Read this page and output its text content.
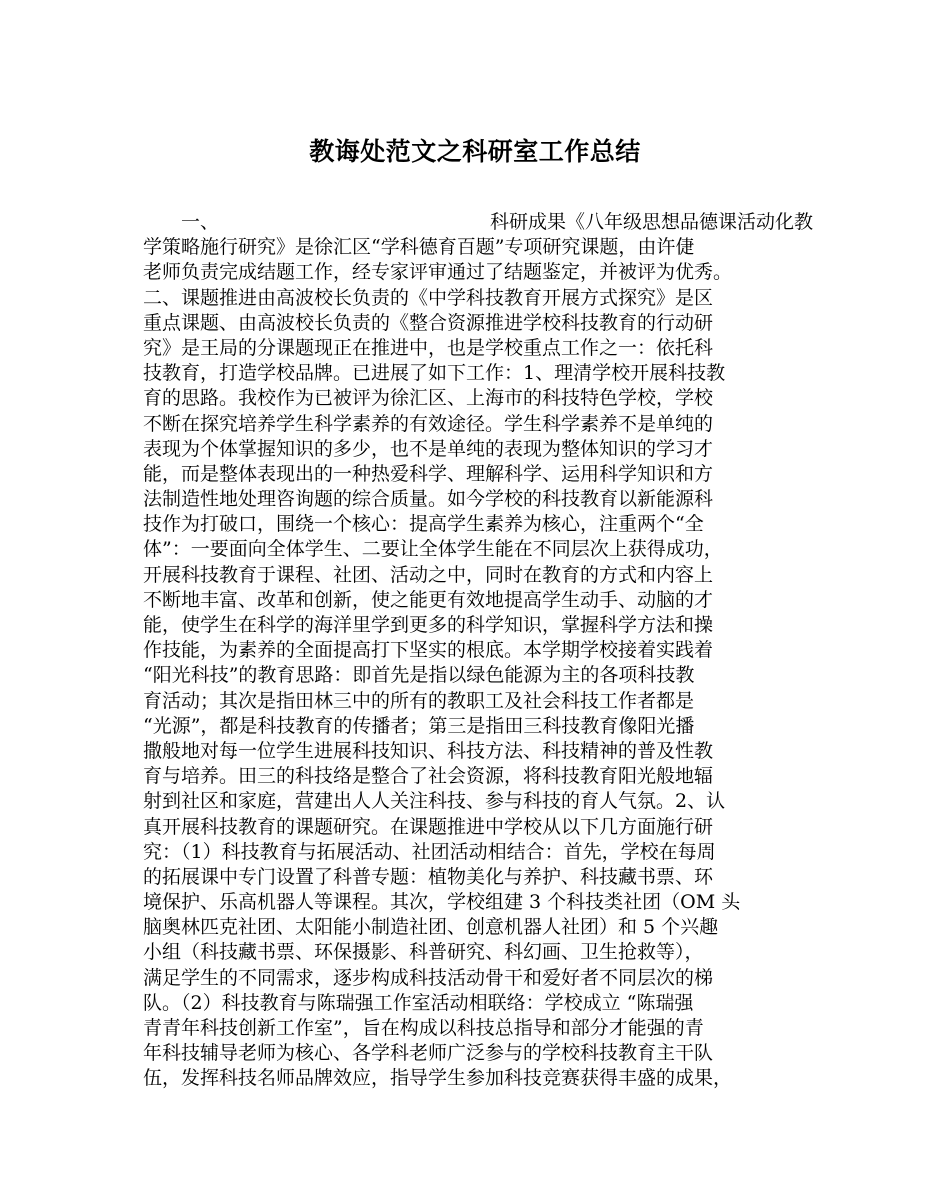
教诲处范文之科研室工作总结
一、	科研成果《八年级思想品德课活动化教
学策略施行研究》是徐汇区“学科德育百题”专项研究课题，由许倢
老师负责完成结题工作，经专家评审通过了结题鉴定，并被评为优秀。
二、课题推进由高波校长负责的《中学科技教育开展方式探究》是区
重点课题、由高波校长负责的《整合资源推进学校科技教育的行动研
究》是王局的分课题现正在推进中，也是学校重点工作之一：依托科
技教育，打造学校品牌。已进展了如下工作：1、理清学校开展科技教
育的思路。我校作为已被评为徐汇区、上海市的科技特色学校，学校
不断在探究培养学生科学素养的有效途径。学生科学素养不是单纯的
表现为个体掌握知识的多少，也不是单纯的表现为整体知识的学习才
能，而是整体表现出的一种热爱科学、理解科学、运用科学知识和方
法制造性地处理咨询题的综合质量。如今学校的科技教育以新能源科
技作为打破口，围绕一个核心：提高学生素养为核心，注重两个“全
体”：一要面向全体学生、二要让全体学生能在不同层次上获得成功，
开展科技教育于课程、社团、活动之中，同时在教育的方式和内容上
不断地丰富、改革和创新，使之能更有效地提高学生动手、动脑的才
能，使学生在科学的海洋里学到更多的科学知识，掌握科学方法和操
作技能，为素养的全面提高打下坚实的根底。本学期学校接着实践着
“阳光科技”的教育思路：即首先是指以绿色能源为主的各项科技教
育活动；其次是指田林三中的所有的教职工及社会科技工作者都是
“光源”，都是科技教育的传播者；第三是指田三科技教育像阳光播
撒般地对每一位学生进展科技知识、科技方法、科技精神的普及性教
育与培养。田三的科技络是整合了社会资源，将科技教育阳光般地辐
射到社区和家庭，营建出人人关注科技、参与科技的育人气氛。2、认
真开展科技教育的课题研究。在课题推进中学校从以下几方面施行研
究：（1）科技教育与拓展活动、社团活动相结合：首先，学校在每周
的拓展课中专门设置了科普专题：植物美化与养护、科技藏书票、环
境保护、乐高机器人等课程。其次，学校组建 3 个科技类社团（OM 头
脑奥林匹克社团、太阳能小制造社团、创意机器人社团）和 5 个兴趣
小组（科技藏书票、环保摄影、科普研究、科幻画、卫生抢救等），
满足学生的不同需求，逐步构成科技活动骨干和爱好者不同层次的梯
队。（2）科技教育与陈瑞强工作室活动相联络：学校成立 “陈瑞强
青青年科技创新工作室”，旨在构成以科技总指导和部分才能强的青
年科技辅导老师为核心、各学科老师广泛参与的学校科技教育主干队
伍，发挥科技名师品牌效应，指导学生参加科技竞赛获得丰盛的成果，
